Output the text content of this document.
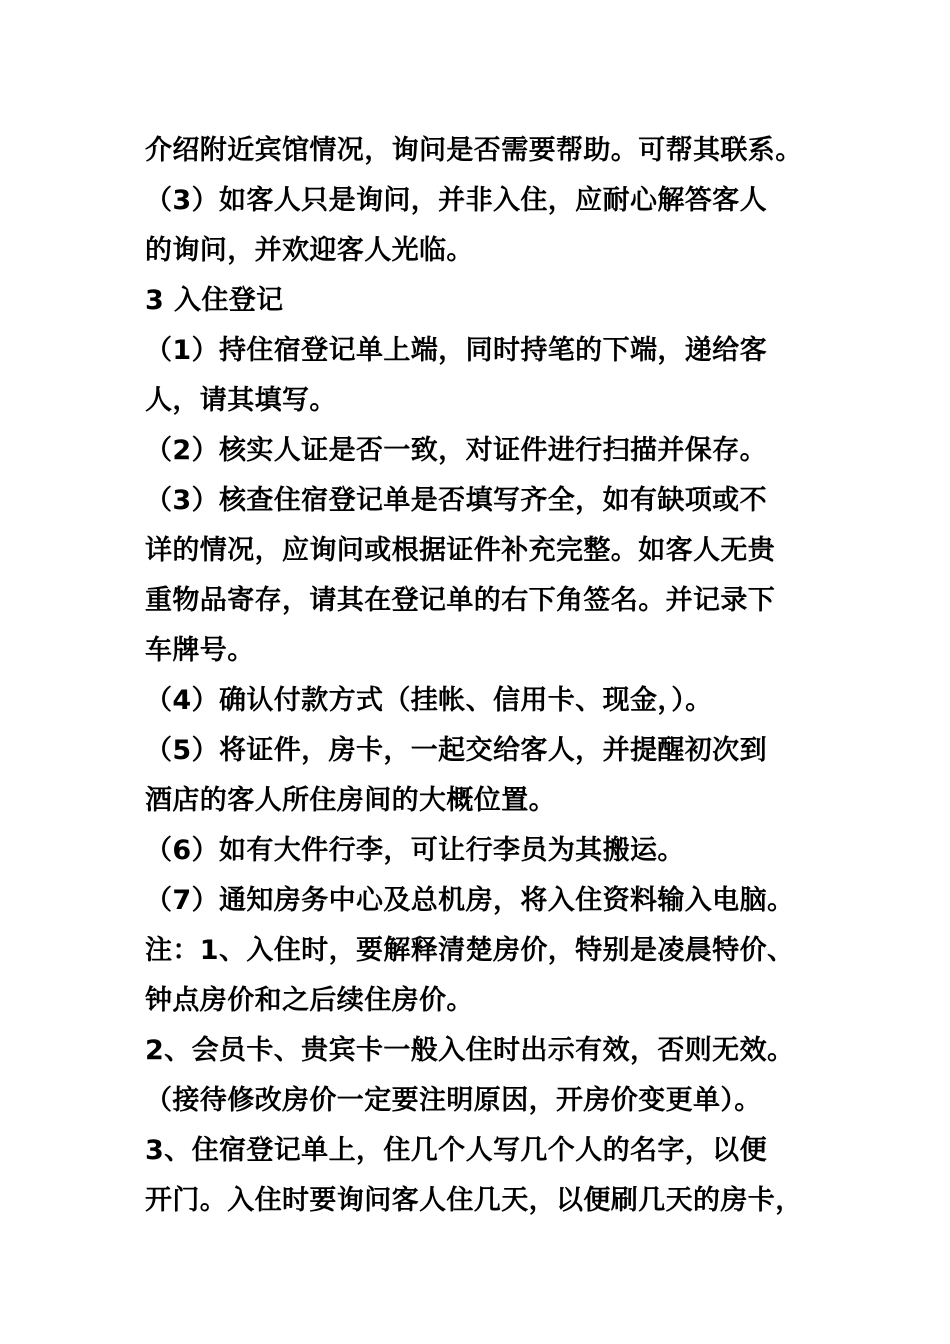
介绍附近宾馆情况，询问是否需要帮助。可帮其联系。
（3）如客人只是询问，并非入住，应耐心解答客人
的询问，并欢迎客人光临。
3 入住登记
（1）持住宿登记单上端，同时持笔的下端，递给客
人，请其填写。
（2）核实人证是否一致，对证件进行扫描并保存。
（3）核查住宿登记单是否填写齐全，如有缺项或不
详的情况，应询问或根据证件补充完整。如客人无贵
重物品寄存，请其在登记单的右下角签名。并记录下
车牌号。
（4）确认付款方式（挂帐、信用卡、现金，）。
（5）将证件，房卡，一起交给客人，并提醒初次到
酒店的客人所住房间的大概位置。
（6）如有大件行李，可让行李员为其搬运。
（7）通知房务中心及总机房，将入住资料输入电脑。
注：1、入住时，要解释清楚房价，特别是凌晨特价、
钟点房价和之后续住房价。
2、会员卡、贵宾卡一般入住时出示有效，否则无效。
（接待修改房价一定要注明原因，开房价变更单）。
3、住宿登记单上，住几个人写几个人的名字，以便
开门。入住时要询问客人住几天，以便刷几天的房卡，
